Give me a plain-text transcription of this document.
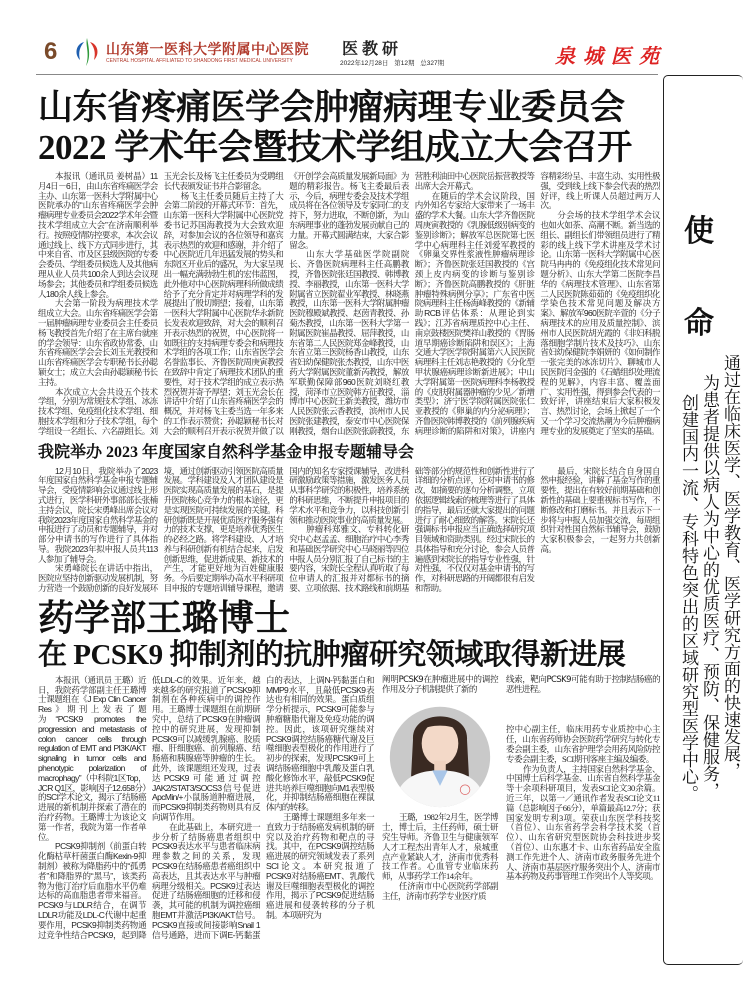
6	山东第一医科大学附属中心医院
CENTRAL HOSPITAL AFFILIATED TO SHANDONG FIRST MEDICAL UNIVERSITY
医教研
2022年12月28日 第12期 总327期	泉城医苑
使
命
通过在临床医学、医学教育、医学研究方面的快速发展，
为患者提供以病人为中心的优质医疗、预防、保健服务，
创建国内一流、专科特色突出的区域研究型医学中心。
山东省疼痛医学会肿瘤病理专业委员会
2022 学术年会暨技术学组成立大会召开

本报讯（通讯员 姜树晶）11月4日－6日，由山东省疼痛医学会主办、山东第一医科大学附属中心医院承办的“山东省疼痛医学会肿瘤病理专业委员会2022学术年会暨技术学组成立大会”在济南顺利举行。按照疫情防控要求，本次会议通过线上、线下方式同步进行，其中来自省、市及区县级医院的专委会委员、学组委员候选人及其他病理从业人员共100余人到达会议现场参会；其他委员和学组委员候选人180余人线上参会。

大会第一阶段为病理技术学组成立大会。山东省疼痛医学会第一届肿瘤病理专业委员会主任委员杨飞教授首先介绍了在主席台就座的学会领导：山东省政协常委、山东省疼痛医学会会长刘玉光教授和山东省疼痛医学会专职秘书长孙聪颖女士；成立大会由孙聪颖秘书长主持。

本次成立大会共设五个技术学组，分别为常规技术学组、冰冻技术学组、免疫组化技术学组、细胞技术学组和分子技术学组，每个学组设一名组长、六名副组长。刘玉光会长及杨飞主任委员为受聘组长代表颁发证书并合影留念。

杨飞主任委员随后主持了大会第二阶段的开幕式环节：首先，山东第一医科大学附属中心医院党委书记苏国海教授为大会致欢迎辞，对参加会议的各位领导和嘉宾表示热烈的欢迎和感谢，并介绍了中心医院近几年迅猛发展的势头和东院区开业后的盛况，为大家呈现出一幅充满勃勃生机的宏伟蓝图，此外他对中心医院病理科所做成绩给予了充分肯定并对病理学科的发展提出了殷切期望；接着，山东第一医科大学附属中心医院华永新院长发表欢迎致辞，对大会的顺利召开表示热烈的祝贺，中心医院将一如既往的支持病理专委会和病理技术学组的各项工作；山东省医学会名誉监事长、齐鲁医院周庚寅教授在致辞中肯定了病理技术团队的重要性，对于技术学组的成立表示热烈祝贺并寄予厚望；刘玉光会长在讲话中介绍了山东省疼痛医学会的概况，并对杨飞主委当选一年多来的工作表示赞赏；孙聪颖秘书长对大会的顺利召开表示祝贺并做了以《开创学会高质量发展新局面》为题的精彩报告。杨飞主委最后表示，今后，病理专委会及技术学组成员将在各位领导及专家同仁的支持下，努力进取，不断创新，为山东病理事业的蓬勃发展贡献自己的力量。开幕式圆满结束，大家合影留念。

山东大学基础医学院副院长、齐鲁医院病理科主任高鹏教授，齐鲁医院张廷国教授、韩博教授、李丽教授，山东第一医科大学附属省立医院翟业军教授、林晓燕教授，山东第一医科大学附属肿瘤医院穆殿斌教授、赵茵青教授、孙菊杰教授，山东第一医科大学第一附属医院崔晶教授、屈萍教授，山东省第二人民医院郑金峰教授，山东省立第三医院杨香山教授，山东省妇幼保健院张杰教授，山东中医药大学附属医院董新芮教授，解放军联勤保障部960医院刘晓红教授，菏泽市立医院韩方征教授，淄博市中心医院王新美教授，潍坊市人民医院张云香教授，滨州市人民医院张建教授，泰安市中心医院保刚教授，烟台山医院张蔚教授，东营胜利油田中心医院岳振营教授等出席大会开幕式。

在随后的学术会议阶段，国内外知名专家给大家带来了一场丰盛的学术大餐。山东大学齐鲁医院周庚寅教授的《乳腺低级别病变的鉴别诊断》；解放军总医院第七医学中心病理科主任刘爱军教授的《卵巢交界性浆液性肿瘤病理诊断》；齐鲁医院张廷国教授的《宫颈上皮内病变的诊断与鉴别诊断》；齐鲁医院高鹏教授的《肝脏肿瘤特殊病例分享》；广东省中医院病理科主任杨海峰教授的《新辅助RCB评估体系：从理论到实践》；江苏省病理质控中心主任、南京鼓楼医院樊祥山教授的《胃肠道早期癌诊断陷阱和误区》；上海交通大学医学院附属第六人民医院病理科主任刘志艳教授的《分化型甲状腺癌病理诊断新进展》；中山大学附属第一医院病理科李杨教授的《皮肤附属器肿瘤的少见／新增类型》；济宁医学院附属医院张仁亚教授的《卵巢的内分泌病理》；齐鲁医院韩博教授的《前列腺疾病病理诊断的陷阱和对策》，讲座内容精彩纷呈、丰富生动、实用性极强，受到线上线下参会代表的热烈好评，线上听课人员超过两万人次。

分会场的技术学组学术会议也如火如荼、高潮不断。新当选的组长、副组长们带领组员进行了精彩的线上线下学术讲座及学术讨论。山东第一医科大学附属中心医院马冉冉的《免疫组化技术常见问题分析》、山东大学第二医院李昌华的《病理技术管理》、山东省第二人民医院陈茹茹的《免疫组织化学染色技术常见问题及解决方案》、解放军960医院辛萱的《分子病理技术的应用及质量控制》、滨州市人民医院胡光霞的《非妇科脱落细胞学制片技术及技巧》、山东省妇幼保健院李娟妍的《如何制作一张完美的冰冻切片》、聊城市人民医院闫金强的《石蜡组织处理流程的见解》，内容丰富、覆盖面广、实用性强，得到参会代表的一致好评，讲座结束后大家积极发言、热烈讨论，会场上掀起了一个又一个学习交流热潮为今后肿瘤病理专业的发展奠定了坚实的基础。

我院举办 2023 年度国家自然科学基金申报专题辅导会

12月10日，我院举办了2023年度国家自然科学基金申报专题辅导会，受疫情影响会议通过线上形式进行，医学科研外事部部长张楠主持会议，院长宋勇峰出席会议对我院2023年度国家自然科学基金的申报进行了动员和专题辅导，并对部分申请书的写作进行了具体指导。我院2023年拟申报人员共113人参加了辅导会。

宋勇峰院长在讲话中指出，医院应坚持创新驱动发展机制，努力营造一个鼓励创新的良好发展环境，通过创新驱动引领医院高质量发展。学科建设及人才团队建设是医院实现高质量发展的基石，是提升医院核心竞争力的根本途径，更是实现医院可持续发展的关键。科研创新既是开展优质医疗服务强有力的技术支撑，更是培养优秀医生的必经之路。将学科建设、人才培养与科研创新有机结合起来，启发创新思维，促进新成果、新技术的产生，才能更好地为百姓健康服务。今后要定期举办高水平科研项目申报的专题培训辅导课程，邀请国内的知名专家授课辅导，改进科研激励政策等措施，激发医务人员从事科学研究的积极性，培养系统的科研思维，不断提升申报项目的学术水平和竞争力，以科技创新引领和推动医院事业的高质量发展。

肿瘤科郑雅文、专科转化研究中心赵孟孟、细胞治疗中心李秀和基础医学研究中心马晓丽等四位申报人员分别汇报了自己标书的主要内容，宋院长全程认真听取了每位申请人的汇报并对都标书的摘要、立项依据、技术路线和前期基础等部分的规范性和创新性进行了详细的分析点评，还对申请书的修改，如摘要的逐句分析调整，立项依据逻辑线索的梳理等进行了具体的指导，最后还就大家提出的问题进行了耐心细致的解答。宋院长还强调标书申报应当正确选择研究项目领域和资助类别。经过宋院长的具体指导和充分讨论，参会人员普遍感到宋院长的指导专业性强，针对性强，不仅仅对基金申请书的写作，对科研思路的开阔都很有启发和帮助。

最后，宋院长结合自身国自然申报经验，讲解了基金写作的重要性，提出在有较好前期基础和创新性的基础上要重视标书写作，不断修改和打磨标书。并且表示下一步将与申报人员加强交流，每周组织针对性国自然标书辅导会，鼓励大家积极参会，一起努力共创新高。

药学部王璐博士
在 PCSK9 抑制剂的抗肿瘤研究领域取得新进展

本报讯（通讯员 王璐）近日，我院药学部副主任王璐博士课题组在《J Exp Clin Cancer Res》期刊上发表了题为“PCSK9 promotes the progression and metastasis of colon cancer cells through regulation of EMT and PI3K/AKT signaling in tumor cells and phenotypic polarization of macrophagy”（中科院1区Top，JCR Q1区，影响因子12.658分）的SCI学术论文，揭示了结肠癌进展的新机制并探索了潜在的治疗药物。王璐博士为该论文第一作者，我院为第一作者单位。

PCSK9抑制剂（前蛋白转化酶枯草杆菌蛋白酶Kexin-9抑制剂）被称为降脂药中的“孤勇者”和降脂界的“黑马”，该类药物为他汀治疗后血脂水平仍难达标的高血脂患者带来福音。PCSK9与LDLR结合，在调节LDLR功能及LDL-C代谢中起重要作用，PCSK9抑制类药物通过竞争性结合PCSK9，起到降低LDL-C的效果。近年来，越来越多的研究报道了PCSK9抑制剂在各种疾病中的调控作用。王璐博士课题组在前期研究中，总结了PCSK9在肿瘤调控中的研究进展，发现抑制PCSK9可以减缓乳腺癌、胶质瘤、肝细胞癌、前列腺癌、结肠癌和胰腺癌等肿瘤的生长。此外，该课题组还发现，过表达PCSK9可能通过调控JAK2/STAT3/SOCS3信号促进ApcMin/+小鼠肠道肿瘤进展，而PCSK9抑制类药物则具有反向调节作用。

在此基础上，本研究进一步分析了结肠癌患者组织中PCSK9表达水平与患者临床病理参数之间的关系，发现PCSK9在结肠癌患者癌组织中高表达，且其表达水平与肿瘤病理分级相关。PCSK9过表达促进了结肠癌细胞的迁移和侵袭，其可能的机制为调控癌细胞EMT并激活PI3K/AKT信号。PCSK9直接或间接影响Snail 1信号通路，进而下调E-钙黏蛋白的表达，上调N-钙黏蛋白和MMP9水平，且敲低PCSK9表达也有相同的效果。蛋白质组学分析提示，PCSK9可能参与肿瘤糖脂代谢及免疫功能的调控。因此，该项研究继续对PCSK9调控结肠癌糖代谢及巨噬细胞表型极化的作用进行了初步的探索，发现PCSK9可上调结肠癌细胞中乳酸及蛋白乳酸化修饰水平，敲低PCSK9促进共培养巨噬细胞向M1表型极化，并抑制结肠癌细胞在裸鼠体内的转移。

王璐博士课题组多年来一直致力于结肠癌发病机制的研究以及治疗药物和靶点的寻找。其中，在PCSK9调控结肠癌进展的研究领域发表了系列SCI论文。本研究报道了PCSK9对结肠癌EMT、乳酸代谢及巨噬细胞表型极化的调控作用，揭示了PCSK9促进结肠癌进展和侵袭转移的分子机制。本项研究为

阐明PCSK9在肿瘤进展中的调控作用及分子机制提供了新的

王璐，1982年2月生，医学博士，博士后，主任药师，硕士研究生导师。齐鲁卫生与健康领军人才工程杰出青年人才，泉城重点产业紧缺人才，济南市优秀科技工作者。心血管专业临床药师，从事药学工作14余年。

任济南市中心医院药学部副主任，济南市药学专业医疗质

线索，靶向PCSK9可能有助于控制结肠癌的恶性进程。

控中心副主任，临床用药专业质控中心主任，山东省药师协会医院药学研究与转化专委会副主委，山东省护理学会用药风险防控专委会副主委，SCI期刊客座主编及编委。

作为负责人，主持国家自然科学基金、中国博士后科学基金、山东省自然科学基金等十余项科研项目，发表SCI论文30余篇。近三年，以第一／通讯作者发表SCI论文11篇（总影响因子66分），单篇最高12.7分；获国家发明专利3项。荣获山东医学科技奖（首位）、山东省药学会科学技术奖（首位）、山东省研究型医院协会科技进步奖（首位）、山东惠才卡、山东省药品安全监测工作先进个人、济南市政务服务先进个人、济南市基层医疗服务突出个人、济南市基本药物及药事管理工作突出个人等奖项。
